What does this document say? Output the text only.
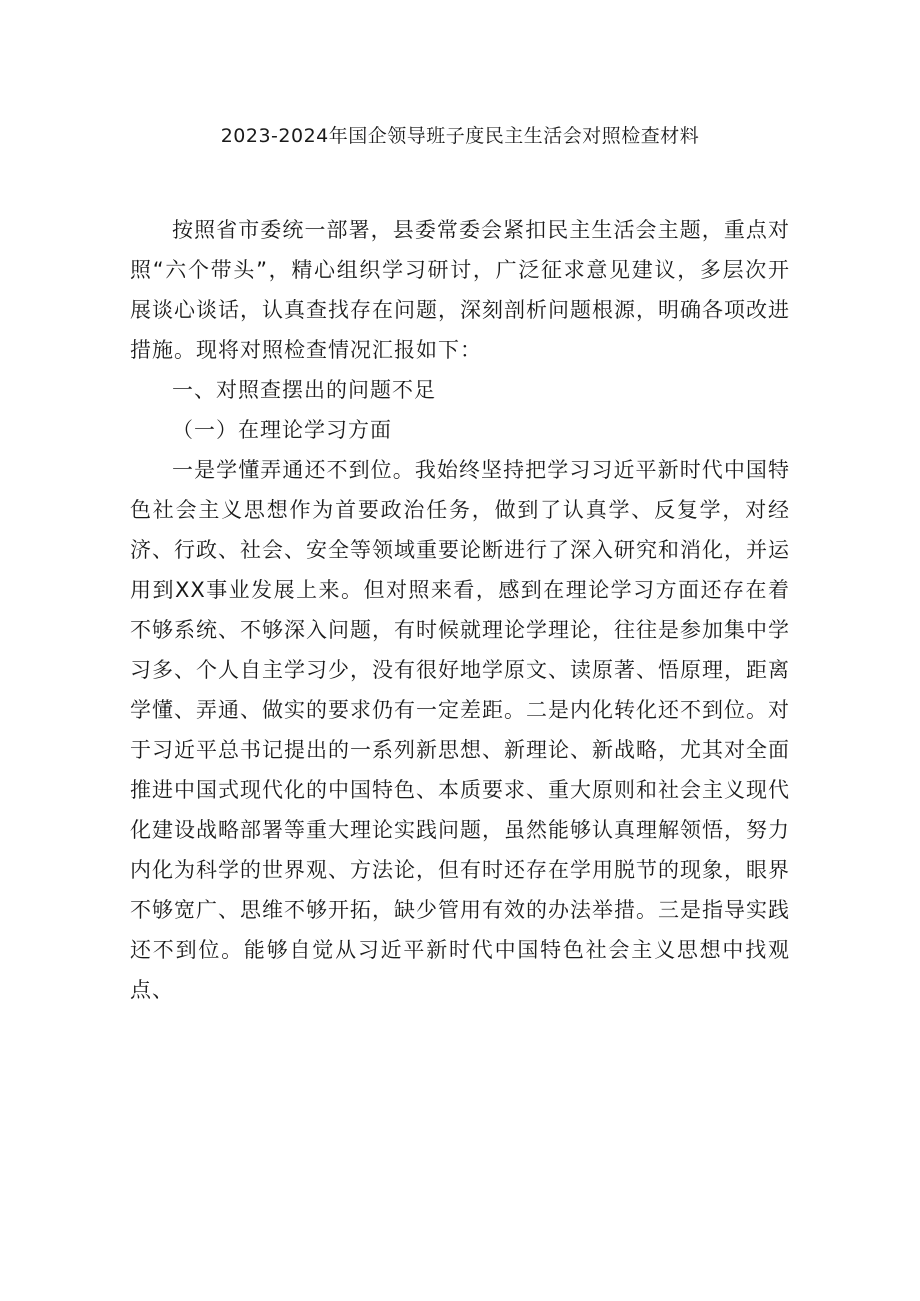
2023-2024年国企领导班子度民主生活会对照检查材料

按照省市委统一部署，县委常委会紧扣民主生活会主题，重点对照“六个带头”，精心组织学习研讨，广泛征求意见建议，多层次开展谈心谈话，认真查找存在问题，深刻剖析问题根源，明确各项改进措施。现将对照检查情况汇报如下：

一、对照查摆出的问题不足

（一）在理论学习方面

一是学懂弄通还不到位。我始终坚持把学习习近平新时代中国特色社会主义思想作为首要政治任务，做到了认真学、反复学，对经济、行政、社会、安全等领域重要论断进行了深入研究和消化，并运用到XX事业发展上来。但对照来看，感到在理论学习方面还存在着不够系统、不够深入问题，有时候就理论学理论，往往是参加集中学习多、个人自主学习少，没有很好地学原文、读原著、悟原理，距离学懂、弄通、做实的要求仍有一定差距。二是内化转化还不到位。对于习近平总书记提出的一系列新思想、新理论、新战略，尤其对全面推进中国式现代化的中国特色、本质要求、重大原则和社会主义现代化建设战略部署等重大理论实践问题，虽然能够认真理解领悟，努力内化为科学的世界观、方法论，但有时还存在学用脱节的现象，眼界不够宽广、思维不够开拓，缺少管用有效的办法举措。三是指导实践还不到位。能够自觉从习近平新时代中国特色社会主义思想中找观点、
